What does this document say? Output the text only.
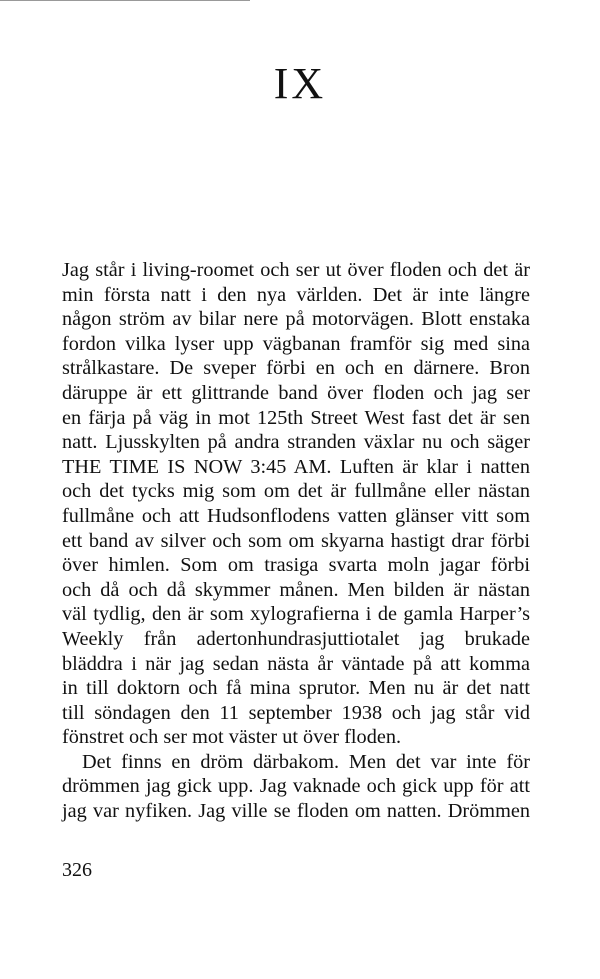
IX
Jag står i living-roomet och ser ut över floden och det är
min första natt i den nya världen. Det är inte längre
någon ström av bilar nere på motorvägen. Blott enstaka
fordon vilka lyser upp vägbanan framför sig med sina
strålkastare. De sveper förbi en och en därnere. Bron
däruppe är ett glittrande band över floden och jag ser
en färja på väg in mot 125th Street West fast det är sen
natt. Ljusskylten på andra stranden växlar nu och säger
THE TIME IS NOW 3:45 AM. Luften är klar i natten
och det tycks mig som om det är fullmåne eller nästan
fullmåne och att Hudsonflodens vatten glänser vitt som
ett band av silver och som om skyarna hastigt drar förbi
över himlen. Som om trasiga svarta moln jagar förbi
och då och då skymmer månen. Men bilden är nästan
väl tydlig, den är som xylografierna i de gamla Harper’s
Weekly från adertonhundrasjuttiotalet jag brukade
bläddra i när jag sedan nästa år väntade på att komma
in till doktorn och få mina sprutor. Men nu är det natt
till söndagen den 11 september 1938 och jag står vid
fönstret och ser mot väster ut över floden.
Det finns en dröm därbakom. Men det var inte för
drömmen jag gick upp. Jag vaknade och gick upp för att
jag var nyfiken. Jag ville se floden om natten. Drömmen
326
